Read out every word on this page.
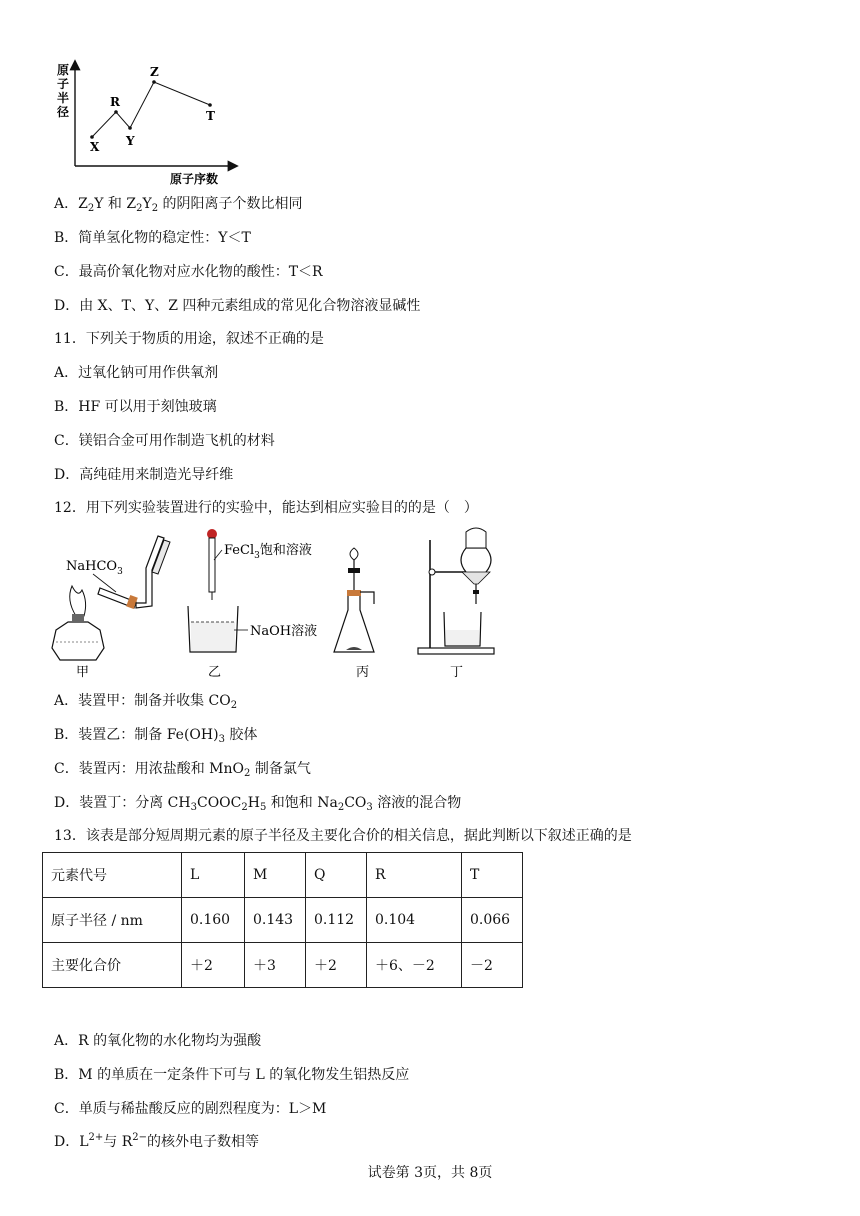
原
子
半
径
X
R
Y
Z
T
原子序数
A．$Z_2Y$ 和 $Z_2Y_2$ 的阴阳离子个数比相同
B．简单氢化物的稳定性：Y＜T
C．最高价氧化物对应水化物的酸性：T＜R
D．由 X、T、Y、Z 四种元素组成的常见化合物溶液显碱性
11．下列关于物质的用途，叙述不正确的是
A．过氧化钠可用作供氧剂
B．HF 可以用于刻蚀玻璃
C．镁铝合金可用作制造飞机的材料
D．高纯硅用来制造光导纤维
12．用下列实验装置进行的实验中，能达到相应实验目的的是（　）
NaHCO$_3$
甲
FeCl$_3$饱和溶液
NaOH溶液
乙	丙	丁
A．装置甲：制备并收集 $CO_2$
B．装置乙：制备 $Fe(OH)_3$ 胶体
C．装置丙：用浓盐酸和 MnO$_2$ 制备氯气
D．装置丁：分离 $CH_3COOC_2H_5$ 和饱和 $Na_2CO_3$ 溶液的混合物
13．该表是部分短周期元素的原子半径及主要化合价的相关信息，据此判断以下叙述正确的是
元素代号	L	M	Q	R	T
原子半径 / nm	0.160	0.143	0.112	0.104	0.066
主要化合价	＋2	＋3	＋2	＋6、－2	－2
A．R 的氧化物的水化物均为强酸
B．M 的单质在一定条件下可与 L 的氧化物发生铝热反应
C．单质与稀盐酸反应的剧烈程度为：L＞M
D．$L^{2+}$与 $R^{2-}$的核外电子数相等
试卷第 3页，共 8页
